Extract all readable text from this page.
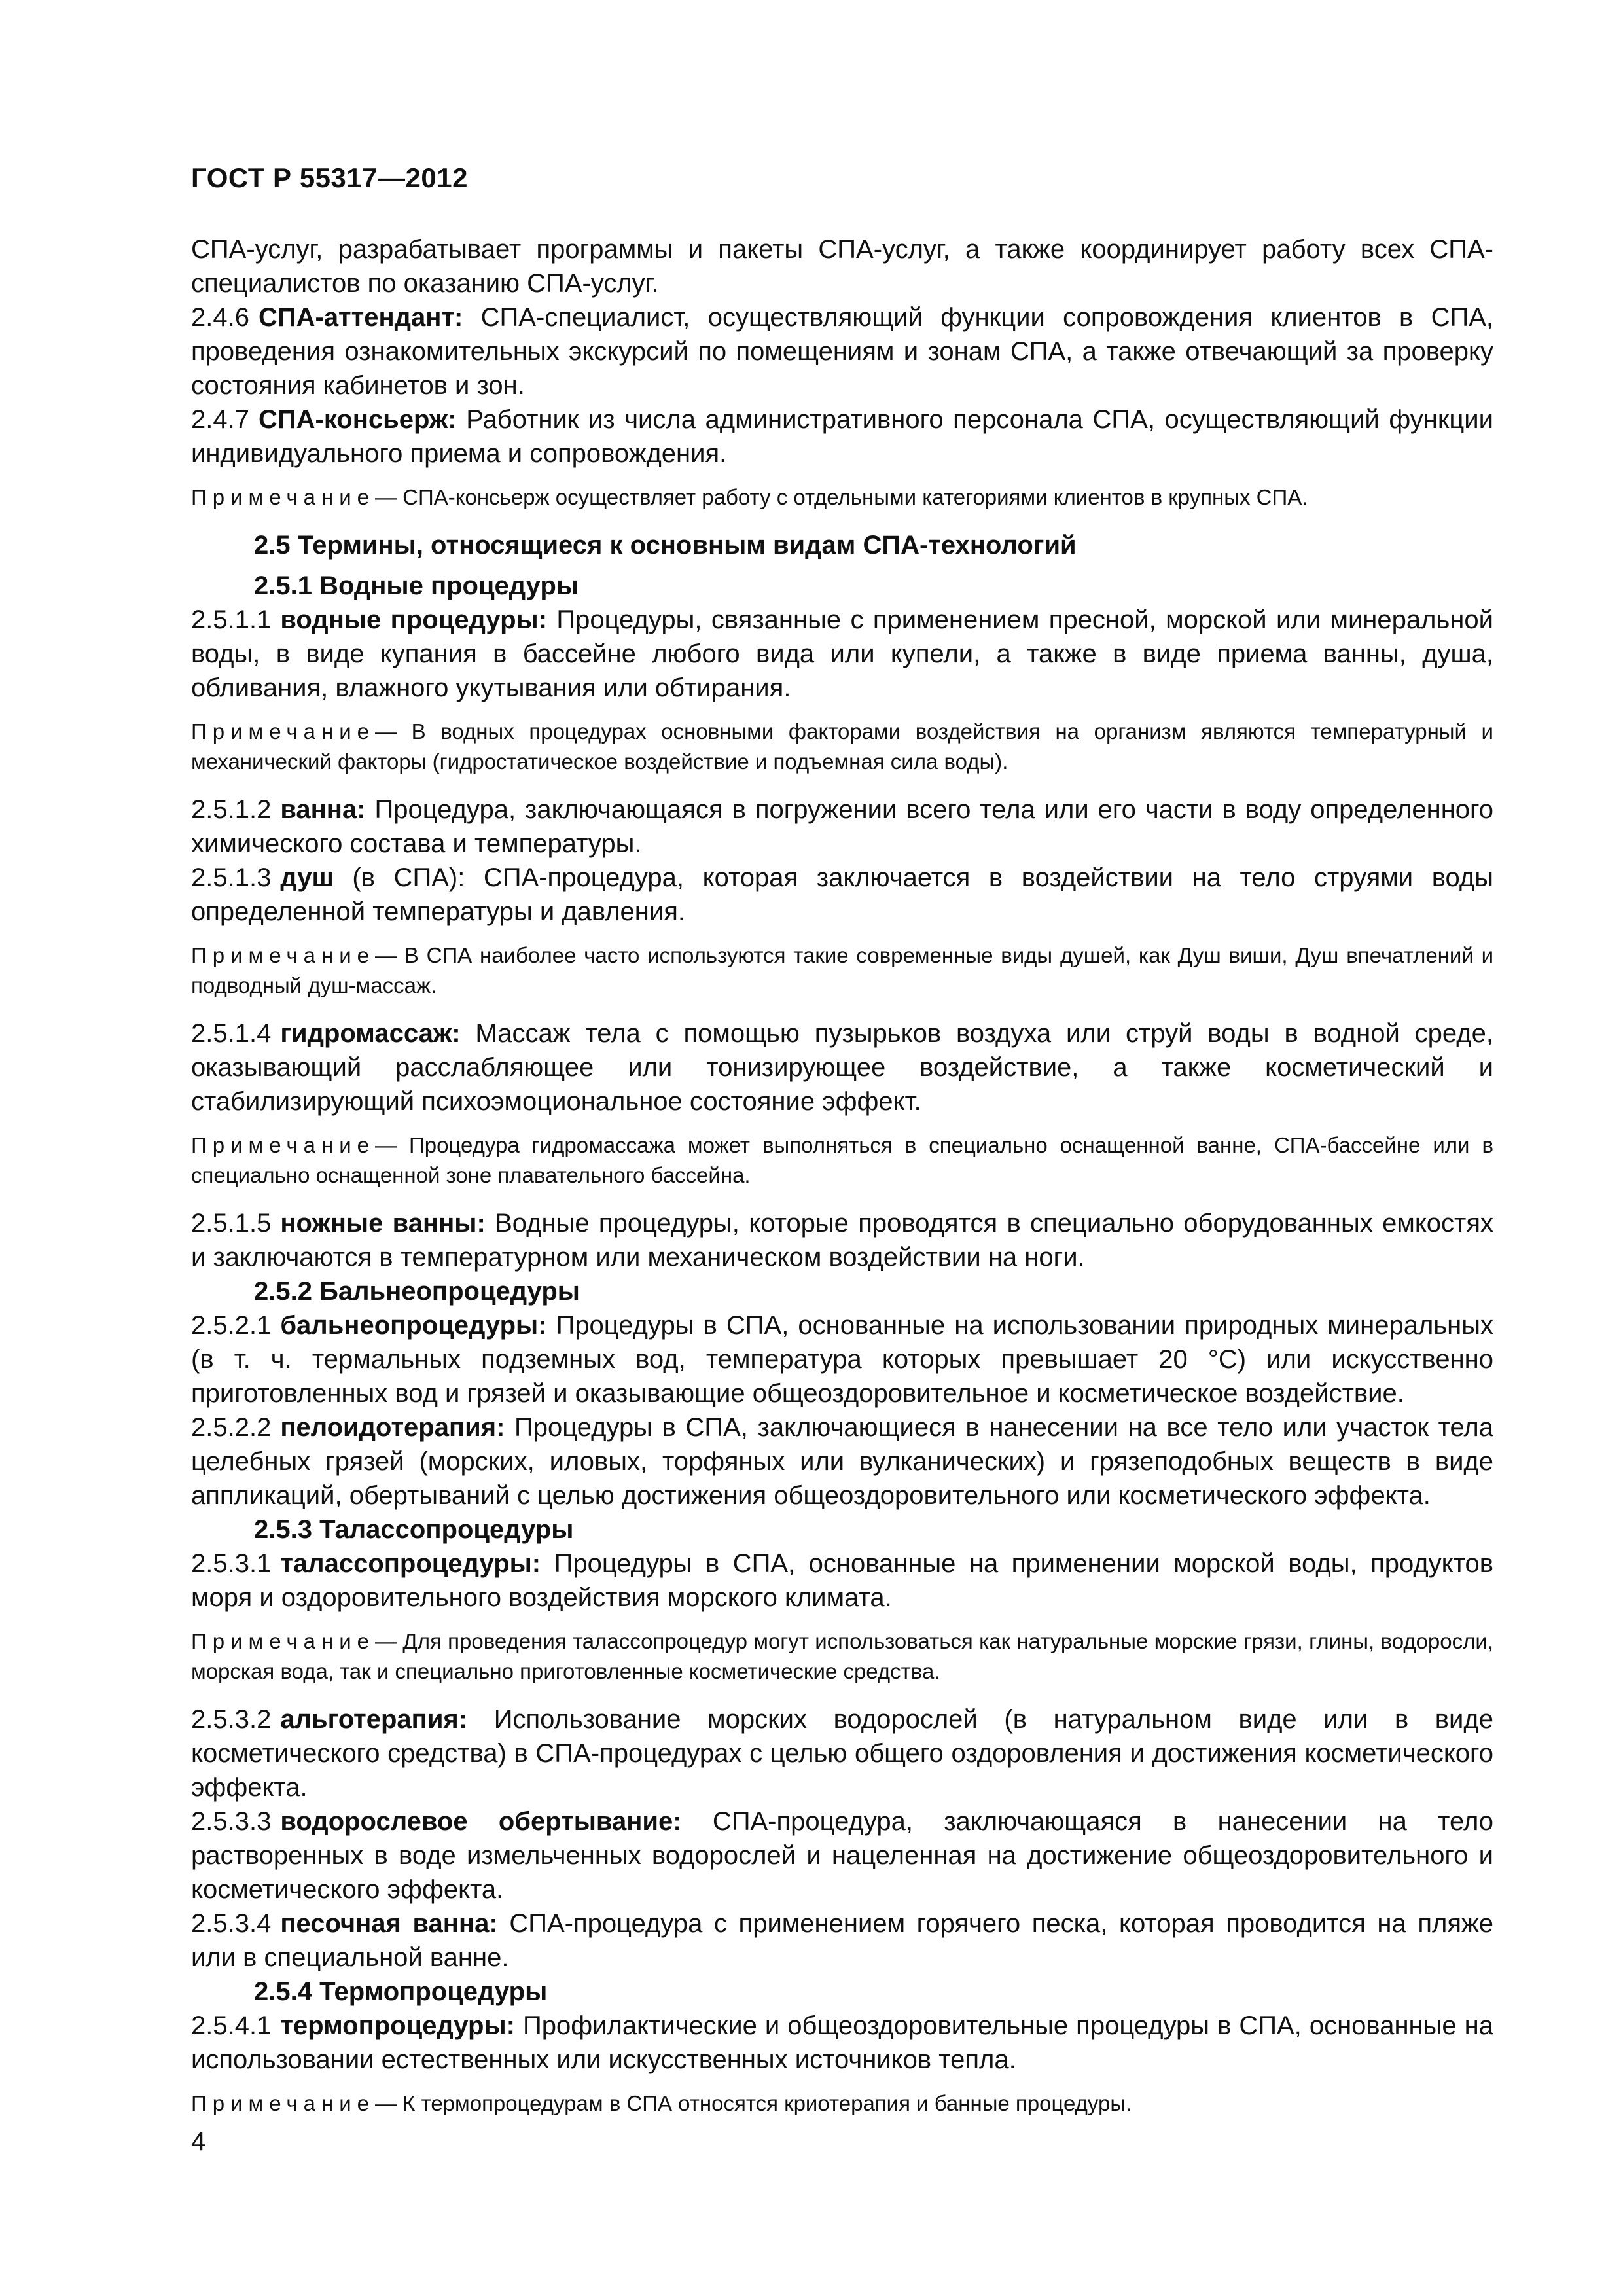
ГОСТ Р 55317—2012

СПА-услуг, разрабатывает программы и пакеты СПА-услуг, а также координирует работу всех СПА-специалистов по оказанию СПА-услуг.

2.4.6 СПА-аттендант: СПА-специалист, осуществляющий функции сопровождения клиентов в СПА, проведения ознакомительных экскурсий по помещениям и зонам СПА, а также отвечающий за проверку состояния кабинетов и зон.

2.4.7 СПА-консьерж: Работник из числа административного персонала СПА, осуществляющий функции индивидуального приема и сопровождения.

Примечание— СПА-консьерж осуществляет работу с отдельными категориями клиентов в крупных СПА.

2.5 Термины, относящиеся к основным видам СПА-технологий

2.5.1 Водные процедуры

2.5.1.1 водные процедуры: Процедуры, связанные с применением пресной, морской или минеральной воды, в виде купания в бассейне любого вида или купели, а также в виде приема ванны, душа, обливания, влажного укутывания или обтирания.

Примечание— В водных процедурах основными факторами воздействия на организм являются температурный и механический факторы (гидростатическое воздействие и подъемная сила воды).

2.5.1.2 ванна: Процедура, заключающаяся в погружении всего тела или его части в воду определенного химического состава и температуры.

2.5.1.3 душ (в СПА): СПА-процедура, которая заключается в воздействии на тело струями воды определенной температуры и давления.

Примечание— В СПА наиболее часто используются такие современные виды душей, как Душ виши, Душ впечатлений и подводный душ-массаж.

2.5.1.4 гидромассаж: Массаж тела с помощью пузырьков воздуха или струй воды в водной среде, оказывающий расслабляющее или тонизирующее воздействие, а также косметический и стабилизирующий психоэмоциональное состояние эффект.

Примечание— Процедура гидромассажа может выполняться в специально оснащенной ванне, СПА-бассейне или в специально оснащенной зоне плавательного бассейна.

2.5.1.5 ножные ванны: Водные процедуры, которые проводятся в специально оборудованных емкостях и заключаются в температурном или механическом воздействии на ноги.

2.5.2 Бальнеопроцедуры

2.5.2.1 бальнеопроцедуры: Процедуры в СПА, основанные на использовании природных минеральных (в т. ч. термальных подземных вод, температура которых превышает 20 °С) или искусственно приготовленных вод и грязей и оказывающие общеоздоровительное и косметическое воздействие.

2.5.2.2 пелоидотерапия: Процедуры в СПА, заключающиеся в нанесении на все тело или участок тела целебных грязей (морских, иловых, торфяных или вулканических) и грязеподобных веществ в виде аппликаций, обертываний с целью достижения общеоздоровительного или косметического эффекта.

2.5.3 Талассопроцедуры

2.5.3.1 талассопроцедуры: Процедуры в СПА, основанные на применении морской воды, продуктов моря и оздоровительного воздействия морского климата.

Примечание— Для проведения талассопроцедур могут использоваться как натуральные морские грязи, глины, водоросли, морская вода, так и специально приготовленные косметические средства.

2.5.3.2 альготерапия: Использование морских водорослей (в натуральном виде или в виде косметического средства) в СПА-процедурах с целью общего оздоровления и достижения косметического эффекта.

2.5.3.3 водорослевое обертывание: СПА-процедура, заключающаяся в нанесении на тело растворенных в воде измельченных водорослей и нацеленная на достижение общеоздоровительного и косметического эффекта.

2.5.3.4 песочная ванна: СПА-процедура с применением горячего песка, которая проводится на пляже или в специальной ванне.

2.5.4 Термопроцедуры

2.5.4.1 термопроцедуры: Профилактические и общеоздоровительные процедуры в СПА, основанные на использовании естественных или искусственных источников тепла.

Примечание— К термопроцедурам в СПА относятся криотерапия и банные процедуры.

4
